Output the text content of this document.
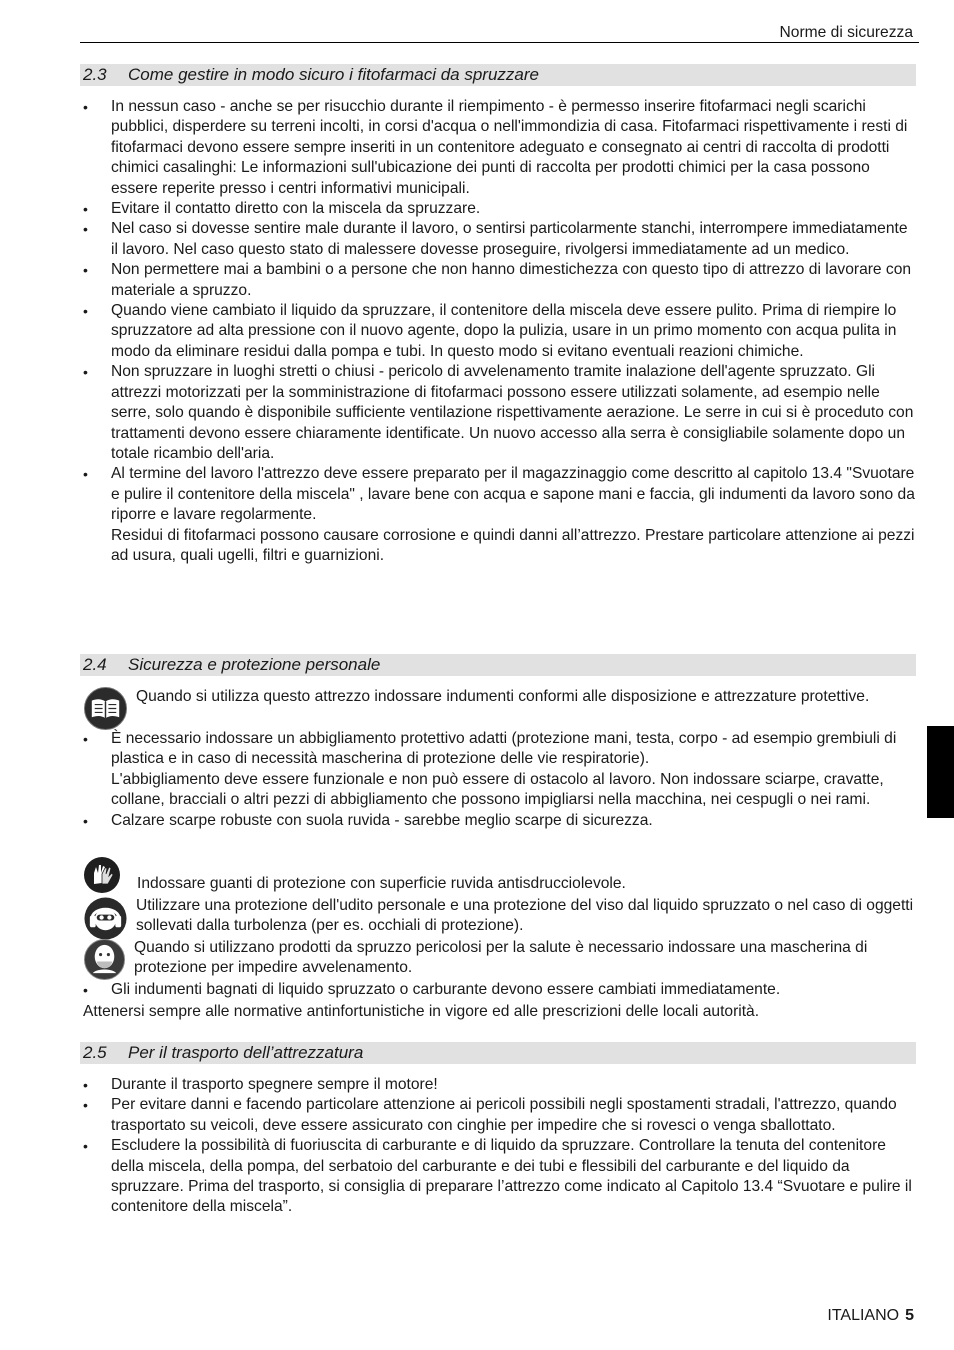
Norme di sicurezza
2.3 Come gestire in modo sicuro i fitofarmaci da spruzzare
• In nessun caso - anche se per risucchio durante il riempimento - è permesso inserire fitofarmaci negli scarichi pubblici, disperdere su terreni incolti, in corsi d'acqua o nell'immondizia di casa. Fitofarmaci rispettivamente i resti di fitofarmaci devono essere sempre inseriti in un contenitore adeguato e consegnato ai centri di raccolta di prodotti chimici casalinghi: Le informazioni sull'ubicazione dei punti di raccolta per prodotti chimici per la casa possono essere reperite presso i centri informativi municipali.
• Evitare il contatto diretto con la miscela da spruzzare.
• Nel caso si dovesse sentire male durante il lavoro, o sentirsi particolarmente stanchi, interrompere immediatamente il lavoro. Nel caso questo stato di malessere dovesse proseguire, rivolgersi immediatamente ad un medico.
• Non permettere mai a bambini o a persone che non hanno dimestichezza con questo tipo di attrezzo di lavorare con materiale a spruzzo.
• Quando viene cambiato il liquido da spruzzare, il contenitore della miscela deve essere pulito. Prima di riempire lo spruzzatore ad alta pressione con il nuovo agente, dopo la pulizia, usare in un primo momento con acqua pulita in modo da eliminare residui dalla pompa e tubi. In questo modo si evitano eventuali reazioni chimiche.
• Non spruzzare in luoghi stretti o chiusi - pericolo di avvelenamento tramite inalazione dell'agente spruzzato. Gli attrezzi motorizzati per la somministrazione di fitofarmaci possono essere utilizzati solamente, ad esempio nelle serre, solo quando è disponibile sufficiente ventilazione rispettivamente aerazione. Le serre in cui si è proceduto con trattamenti devono essere chiaramente identificate. Un nuovo accesso alla serra è consigliabile solamente dopo un totale ricambio dell'aria.
• Al termine del lavoro l'attrezzo deve essere preparato per il magazzinaggio come descritto al capitolo 13.4 "Svuotare e pulire il contenitore della miscela" , lavare bene con acqua e sapone mani e faccia, gli indumenti da lavoro sono da riporre e lavare regolarmente.
Residui di fitofarmaci possono causare corrosione e quindi danni all’attrezzo. Prestare particolare attenzione ai pezzi ad usura, quali ugelli, filtri e guarnizioni.
2.4 Sicurezza e protezione personale
Quando si utilizza questo attrezzo indossare indumenti conformi alle disposizione e attrezzature protettive.
• È necessario indossare un abbigliamento protettivo adatti (protezione mani, testa, corpo - ad esempio grembiuli di plastica e in caso di necessità mascherina di protezione delle vie respiratorie).
L'abbigliamento deve essere funzionale e non può essere di ostacolo al lavoro. Non indossare sciarpe, cravatte, collane, bracciali o altri pezzi di abbigliamento che possono impigliarsi nella macchina, nei cespugli o nei rami.
• Calzare scarpe robuste con suola ruvida - sarebbe meglio scarpe di sicurezza.
Indossare guanti di protezione con superficie ruvida antisdrucciolevole.
Utilizzare una protezione dell'udito personale e una protezione del viso dal liquido spruzzato o nel caso di oggetti sollevati dalla turbolenza (per es. occhiali di protezione).
Quando si utilizzano prodotti da spruzzo pericolosi per la salute è necessario indossare una mascherina di protezione per impedire avvelenamento.
• Gli indumenti bagnati di liquido spruzzato o carburante devono essere cambiati immediatamente.
Attenersi sempre alle normative antinfortunistiche in vigore ed alle prescrizioni delle locali autorità.
2.5 Per il trasporto dell’attrezzatura
• Durante il trasporto spegnere sempre il motore!
• Per evitare danni e facendo particolare attenzione ai pericoli possibili negli spostamenti stradali, l'attrezzo, quando trasportato su veicoli, deve essere assicurato con cinghie per impedire che si rovesci o venga sballottato.
• Escludere la possibilità di fuoriuscita di carburante e di liquido da spruzzare. Controllare la tenuta del contenitore della miscela, della pompa, del serbatoio del carburante e dei tubi e flessibili del carburante e del liquido da spruzzare. Prima del trasporto, si consiglia di preparare l’attrezzo come indicato al Capitolo 13.4 “Svuotare e pulire il contenitore della miscela”.
ITALIANO 5
